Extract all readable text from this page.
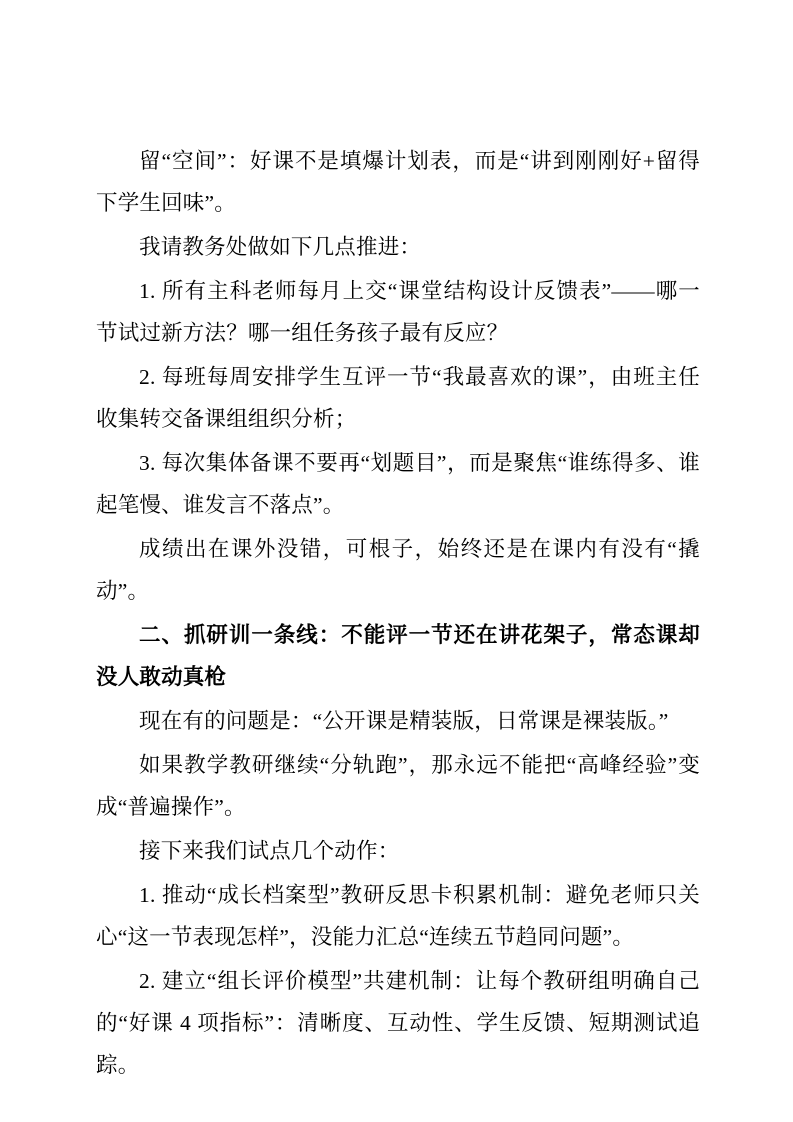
留“空间”：好课不是填爆计划表，而是“讲到刚刚好+留得下学生回味”。

我请教务处做如下几点推进：

1. 所有主科老师每月上交“课堂结构设计反馈表”——哪一节试过新方法？哪一组任务孩子最有反应？

2. 每班每周安排学生互评一节“我最喜欢的课”，由班主任收集转交备课组组织分析；

3. 每次集体备课不要再“划题目”，而是聚焦“谁练得多、谁起笔慢、谁发言不落点”。

成绩出在课外没错，可根子，始终还是在课内有没有“撬动”。

二、抓研训一条线：不能评一节还在讲花架子，常态课却没人敢动真枪

现在有的问题是：“公开课是精装版，日常课是裸装版。”

如果教学教研继续“分轨跑”，那永远不能把“高峰经验”变成“普遍操作”。

接下来我们试点几个动作：

1. 推动“成长档案型”教研反思卡积累机制：避免老师只关心“这一节表现怎样”，没能力汇总“连续五节趋同问题”。

2. 建立“组长评价模型”共建机制：让每个教研组明确自己的“好课 4 项指标”：清晰度、互动性、学生反馈、短期测试追踪。
